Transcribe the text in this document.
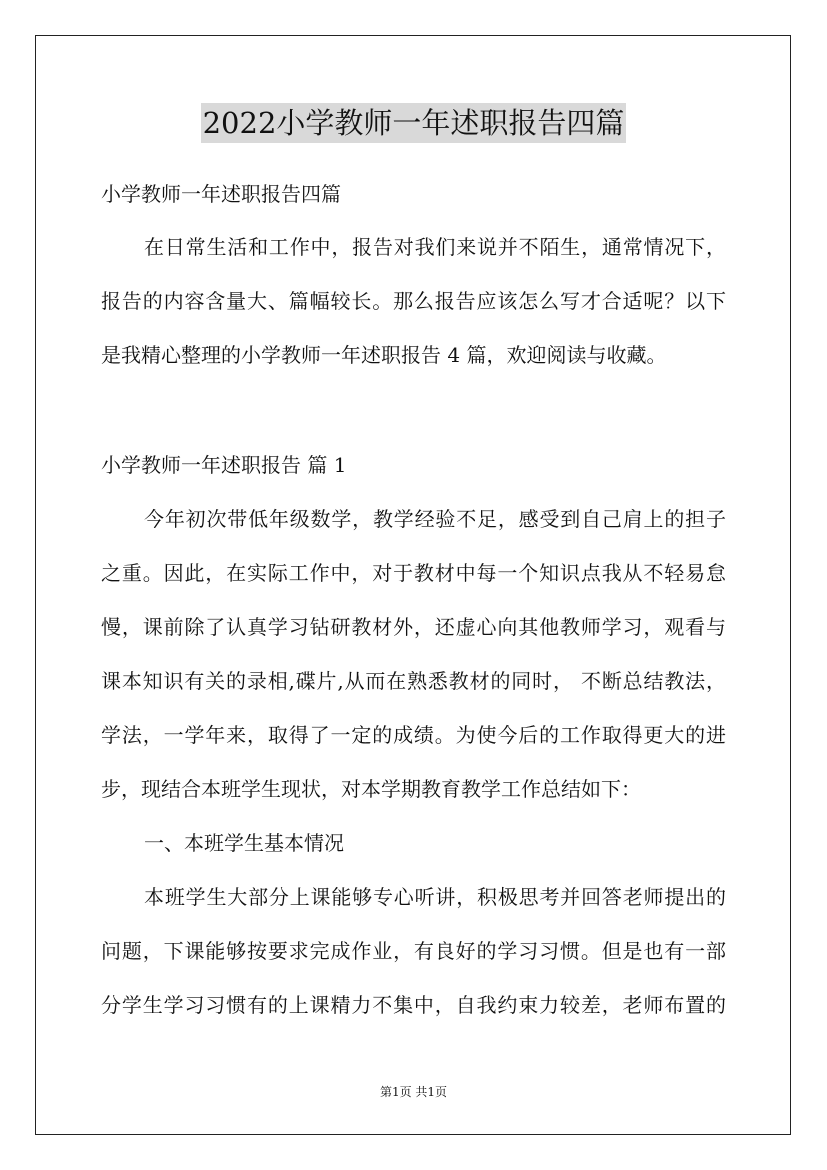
2022小学教师一年述职报告四篇
小学教师一年述职报告四篇
在日常生活和工作中，报告对我们来说并不陌生，通常情况下，
报告的内容含量大、篇幅较长。那么报告应该怎么写才合适呢？以下
是我精心整理的小学教师一年述职报告 4 篇，欢迎阅读与收藏。
小学教师一年述职报告 篇 1
今年初次带低年级数学，教学经验不足，感受到自己肩上的担子
之重。因此，在实际工作中，对于教材中每一个知识点我从不轻易怠
慢，课前除了认真学习钻研教材外，还虚心向其他教师学习，观看与
课本知识有关的录相,碟片,从而在熟悉教材的同时， 不断总结教法，
学法，一学年来，取得了一定的成绩。为使今后的工作取得更大的进
步，现结合本班学生现状，对本学期教育教学工作总结如下：
一、本班学生基本情况
本班学生大部分上课能够专心听讲，积极思考并回答老师提出的
问题，下课能够按要求完成作业，有良好的学习习惯。但是也有一部
分学生学习习惯有的上课精力不集中，自我约束力较差，老师布置的
第1页 共1页
